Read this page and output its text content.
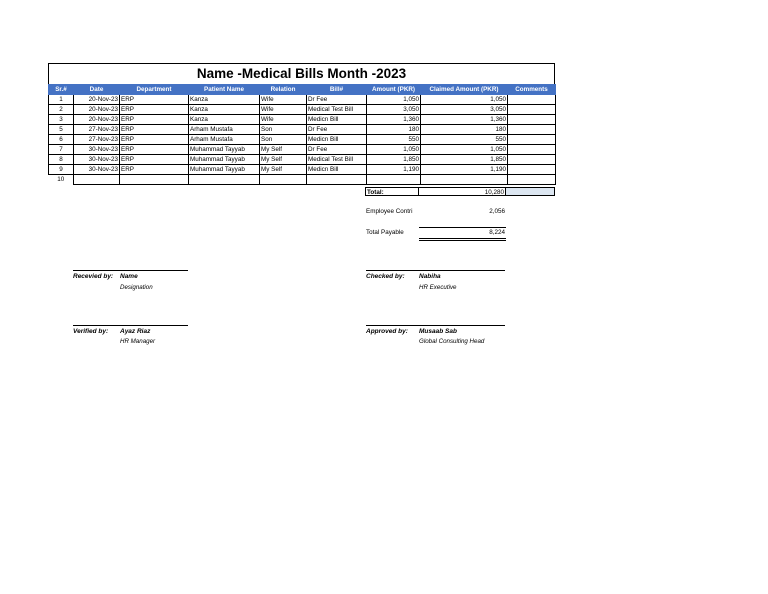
Name -Medical Bills Month -2023
Sr.#	Date	Department	Patient Name	Relation	Bill#	Amount (PKR)	Claimed Amount (PKR)	Comments
1	20-Nov-23	ERP	Kanza	Wife	Dr Fee	1,050	1,050	
2	20-Nov-23	ERP	Kanza	Wife	Medical Test Bill	3,050	3,050	
3	20-Nov-23	ERP	Kanza	Wife	Medicn Bill	1,360	1,360	
5	27-Nov-23	ERP	Arham Mustafa	Son	Dr Fee	180	180	
6	27-Nov-23	ERP	Arham Mustafa	Son	Medicn Bill	550	550	
7	30-Nov-23	ERP	Muhammad Tayyab	My Self	Dr Fee	1,050	1,050	
8	30-Nov-23	ERP	Muhammad Tayyab	My Self	Medical Test Bill	1,850	1,850	
9	30-Nov-23	ERP	Muhammad Tayyab	My Self	Medicn Bill	1,190	1,190	
10								
Total:	10,280
Employee Contri	2,056
Total Payable	8,224
Recevied by: Name
Designation
Checked by: Nabiha
HR Executive
Verified by: Ayaz Riaz
HR Manager
Approved by: Musaab Sab
Global Consulting Head
